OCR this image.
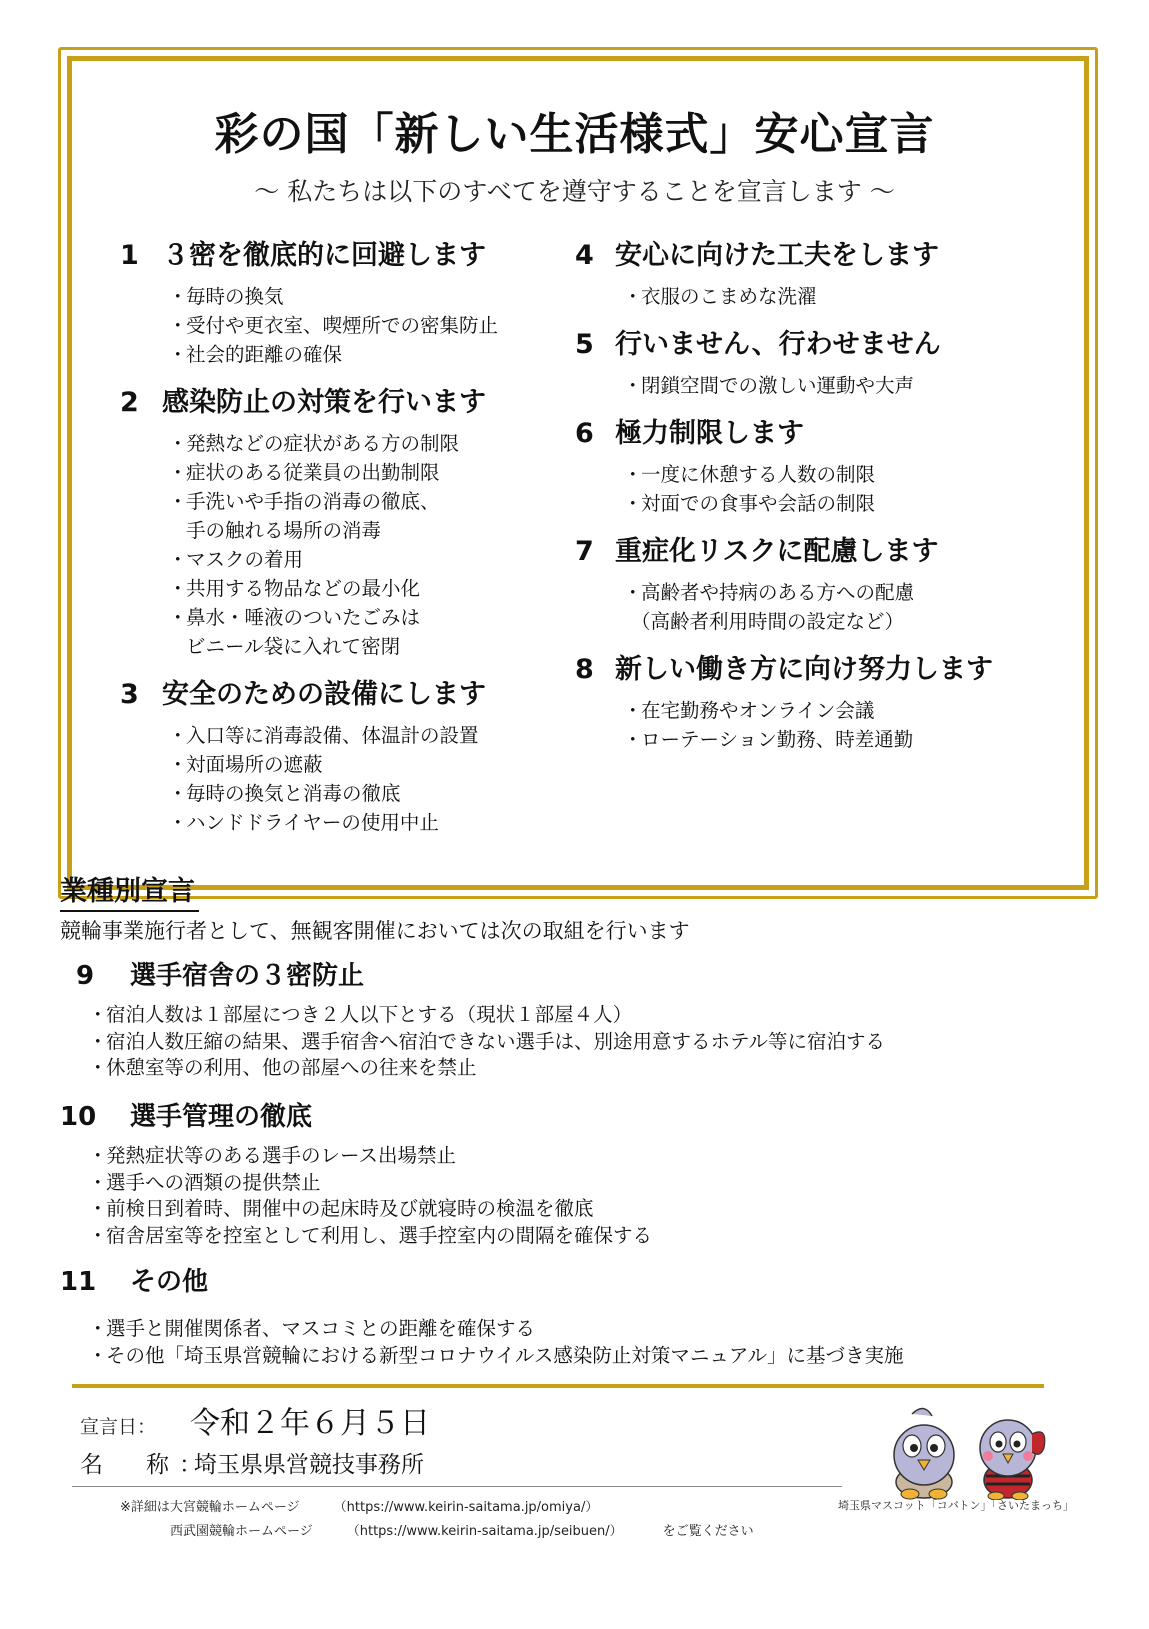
彩の国「新しい生活様式」安心宣言
～ 私たちは以下のすべてを遵守することを宣言します ～
1 ３密を徹底的に回避します
・ 毎時の換気
・ 受付や更衣室、喫煙所での密集防止
・ 社会的距離の確保
2 感染防止の対策を行います
・ 発熱などの症状がある方の制限
・ 症状のある従業員の出勤制限
・ 手洗いや手指の消毒の徹底、
手の触れる場所の消毒
・ マスクの着用
・ 共用する物品などの最小化
・ 鼻水・唾液のついたごみは
ビニール袋に入れて密閉
3 安全のための設備にします
・ 入口等に消毒設備、体温計の設置
・ 対面場所の遮蔽
・ 毎時の換気と消毒の徹底
・ ハンドドライヤーの使用中止
4 安心に向けた工夫をします
・ 衣服のこまめな洗濯
5 行いません、行わせません
・ 閉鎖空間での激しい運動や大声
6 極力制限します
・ 一度に休憩する人数の制限
・ 対面での食事や会話の制限
7 重症化リスクに配慮します
・ 高齢者や持病のある方への配慮
（高齢者利用時間の設定など）
8 新しい働き方に向け努力します
・ 在宅勤務やオンライン会議
・ ローテーション勤務、時差通勤
業種別宣言
競輪事業施行者として、無観客開催においては次の取組を行います
9 選手宿舎の３密防止
・ 宿泊人数は１部屋につき２人以下とする（現状１部屋４人）
・ 宿泊人数圧縮の結果、選手宿舎へ宿泊できない選手は、別途用意するホテル等に宿泊する
・ 休憩室等の利用、他の部屋への往来を禁止
10 選手管理の徹底
・ 発熱症状等のある選手のレース出場禁止
・ 選手への酒類の提供禁止
・ 前検日到着時、開催中の起床時及び就寝時の検温を徹底
・ 宿舎居室等を控室として利用し、選手控室内の間隔を確保する
11 その他
・ 選手と開催関係者、マスコミとの距離を確保する
・ その他「埼玉県営競輪における新型コロナウイルス感染防止対策マニュアル」に基づき実施
宣言日： 令和２年６月５日
名　称：埼玉県県営競技事務所
※詳細は大宮競輪ホームページ	（https://www.keirin-saitama.jp/omiya/）
西武園競輪ホームページ	（https://www.keirin-saitama.jp/seibuen/）	をご覧ください
埼玉県マスコット「コバトン」「さいたまっち」
